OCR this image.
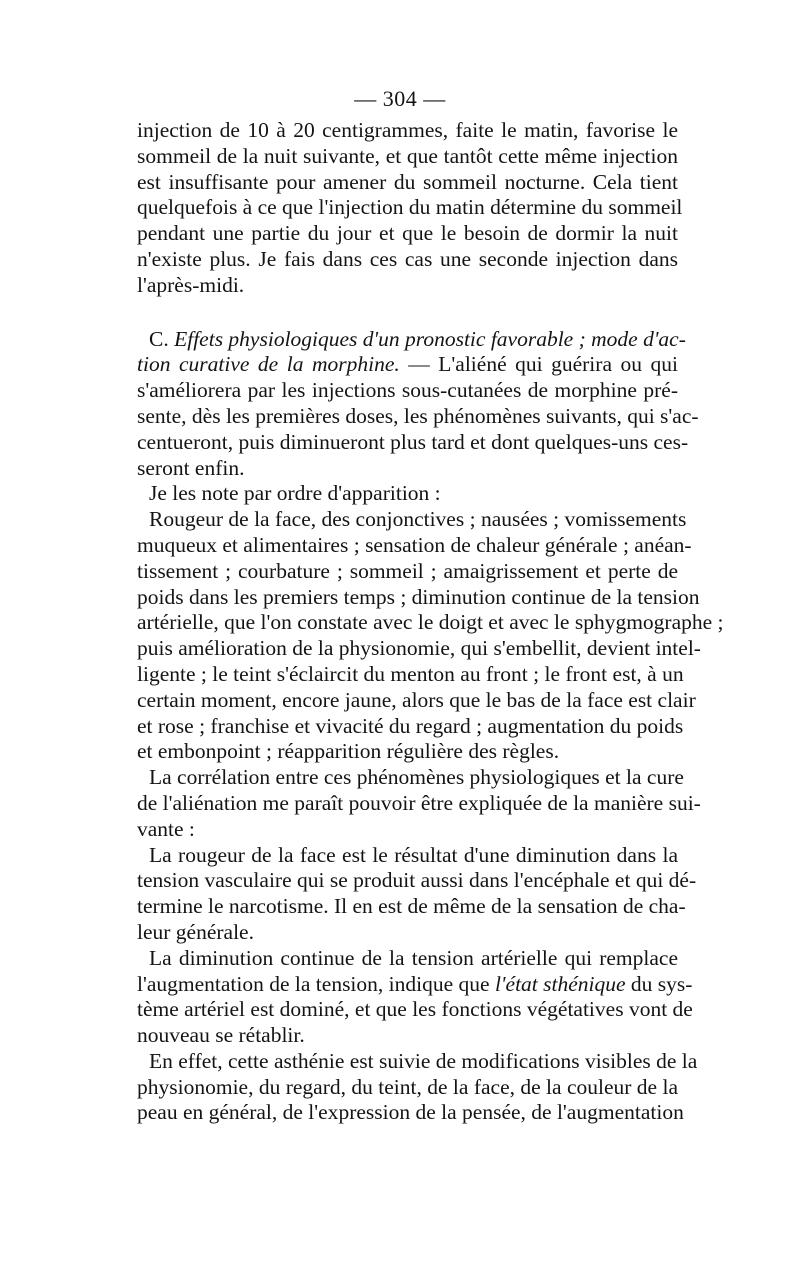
— 304 —

injection de 10 à 20 centigrammes, faite le matin, favorise le
sommeil de la nuit suivante, et que tantôt cette même injection
est insuffisante pour amener du sommeil nocturne. Cela tient
quelquefois à ce que l'injection du matin détermine du sommeil
pendant une partie du jour et que le besoin de dormir la nuit
n'existe plus. Je fais dans ces cas une seconde injection dans
l'après-midi.

C. Effets physiologiques d'un pronostic favorable ; mode d'ac-
tion curative de la morphine. — L'aliéné qui guérira ou qui
s'améliorera par les injections sous-cutanées de morphine pré-
sente, dès les premières doses, les phénomènes suivants, qui s'ac-
centueront, puis diminueront plus tard et dont quelques-uns ces-
seront enfin.

Je les note par ordre d'apparition :

Rougeur de la face, des conjonctives ; nausées ; vomissements
muqueux et alimentaires ; sensation de chaleur générale ; anéan-
tissement ; courbature ; sommeil ; amaigrissement et perte de
poids dans les premiers temps ; diminution continue de la tension
artérielle, que l'on constate avec le doigt et avec le sphygmographe ;
puis amélioration de la physionomie, qui s'embellit, devient intel-
ligente ; le teint s'éclaircit du menton au front ; le front est, à un
certain moment, encore jaune, alors que le bas de la face est clair
et rose ; franchise et vivacité du regard ; augmentation du poids
et embonpoint ; réapparition régulière des règles.

La corrélation entre ces phénomènes physiologiques et la cure
de l'aliénation me paraît pouvoir être expliquée de la manière sui-
vante :

La rougeur de la face est le résultat d'une diminution dans la
tension vasculaire qui se produit aussi dans l'encéphale et qui dé-
termine le narcotisme. Il en est de même de la sensation de cha-
leur générale.

La diminution continue de la tension artérielle qui remplace
l'augmentation de la tension, indique que l'état sthénique du sys-
tème artériel est dominé, et que les fonctions végétatives vont de
nouveau se rétablir.

En effet, cette asthénie est suivie de modifications visibles de la
physionomie, du regard, du teint, de la face, de la couleur de la
peau en général, de l'expression de la pensée, de l'augmentation
